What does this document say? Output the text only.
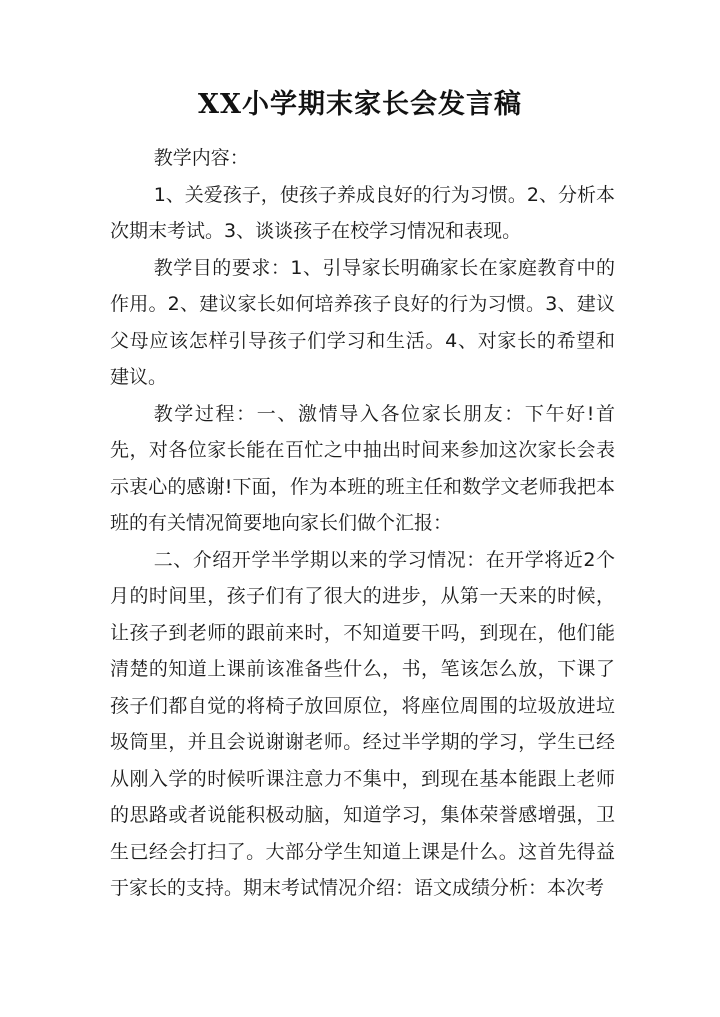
XX小学期末家长会发言稿

教学内容：

1、关爱孩子，使孩子养成良好的行为习惯。2、分析本次期末考试。3、谈谈孩子在校学习情况和表现。

教学目的要求：1、引导家长明确家长在家庭教育中的作用。2、建议家长如何培养孩子良好的行为习惯。3、建议父母应该怎样引导孩子们学习和生活。4、对家长的希望和建议。

教学过程：一、激情导入各位家长朋友：下午好!首先，对各位家长能在百忙之中抽出时间来参加这次家长会表示衷心的感谢!下面，作为本班的班主任和数学文老师我把本班的有关情况简要地向家长们做个汇报：

二、介绍开学半学期以来的学习情况：在开学将近2个月的时间里，孩子们有了很大的进步，从第一天来的时候，让孩子到老师的跟前来时，不知道要干吗，到现在，他们能清楚的知道上课前该准备些什么，书，笔该怎么放，下课了孩子们都自觉的将椅子放回原位，将座位周围的垃圾放进垃圾筒里，并且会说谢谢老师。经过半学期的学习，学生已经从刚入学的时候听课注意力不集中，到现在基本能跟上老师的思路或者说能积极动脑，知道学习，集体荣誉感增强，卫生已经会打扫了。大部分学生知道上课是什么。这首先得益于家长的支持。期末考试情况介绍：语文成绩分析：本次考
